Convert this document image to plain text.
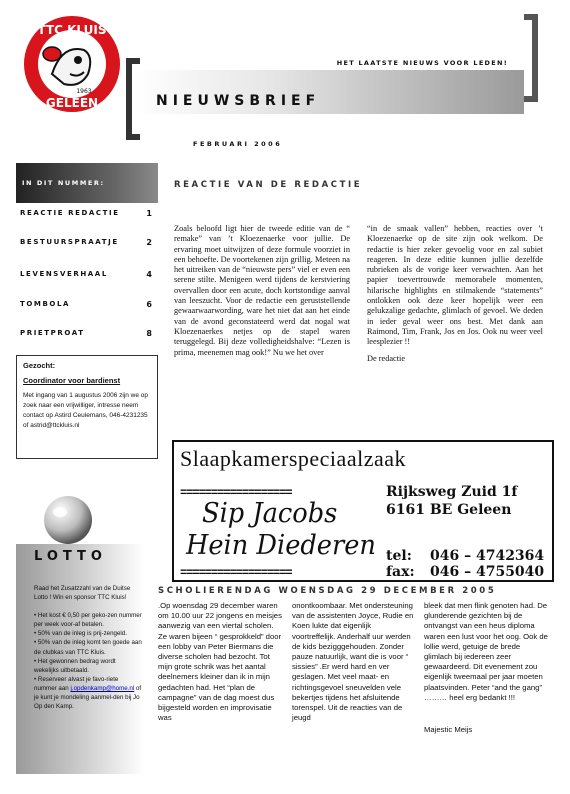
TTC KLUIS
1963
GELEEN
HET LAATSTE NIEUWS VOOR LEDEN!
NIEUWSBRIEF
FEBRUARI 2006
IN DIT NUMMER:
REACTIE REDACTIE	1
BESTUURSPRAATJE	2
LEVENSVERHAAL	4
TOMBOLA	6
PRIETPROAT	8
Gezocht:
Coordinator voor bardienst
Met ingang van 1 augustus 2006 zijn we op zoek naar een vrijwilliger, intresse neem contact op Astird Ceulemans, 046-4231235 of astrid@ttckluis.nl
LOTTO

Raad het Zusatzzahl van de Duitse Lotto ! Win en sponsor TTC Kluis!

• Het kost € 0,50 per geko-zen nummer per week voor-af betalen.
• 50% van de inleg is prij-zengeld.
• 50% van de inleg komt ten goede aan de clubkas van TTC Kluis.
• Het gewonnen bedrag wordt wekelijks uitbetaald.
• Reserveer alvast je favo-riete nummer aan j.opdenkamp@home.nl of je kunt je mondeling aanmel-den bij Jo Op den Kamp.
REACTIE VAN DE REDACTIE

Zoals beloofd ligt hier de tweede editie van de “ remake” van ’t Kloezenaerke voor jullie. De ervaring moet uitwijzen of deze formule voorziet in een behoefte. De voortekenen zijn grillig. Meteen na het uitreiken van de “nieuwste pers” viel er even een serene stilte. Menigeen werd tijdens de kerstviering overvallen door een acute, doch kortstondige aanval van leeszucht. Voor de redactie een geruststellende gewaarwaarwording, ware het niet dat aan het einde van de avond geconstateerd werd dat nogal wat Kloezenaerkes netjes op de stapel waren teruggelegd. Bij deze volledigheidshalve: “Lezen is prima, meenemen mag ook!” Nu we het over

“in de smaak vallen” hebben, reacties over ’t Kloezenaerke op de site zijn ook welkom. De redactie is hier zeker gevoelig voor en zal subiet reageren. In deze editie kunnen jullie dezelfde rubrieken als de vorige keer verwachten. Aan het papier toevertrouwde memorabele momenten, hilarische highlights en stilmakende “statements” ontlokken ook deze keer hopelijk weer een gelukzalige gedachte, glimlach of gevoel. We deden in ieder geval weer ons best. Met dank aan Raimond, Tim, Frank, Jos en Jos. Ook nu weer veel leesplezier !!

De redactie

Slaapkamerspeciaalzaak
==================
Sip Jacobs
Hein Diederen
==================
Rijksweg Zuid 1f
6161 BE Geleen
tel: 046 – 4742364
fax: 046 – 4755040
SCHOLIERENDAG WOENSDAG 29 DECEMBER 2005

.Op woensdag 29 december waren om 10.00 uur 22 jongens en meisjes aanwezig van een viertal scholen. Ze waren bijeen “ gesprokkeld” door een lobby van Peter Biermans die diverse scholen had bezocht. Tot mijn grote schrik was het aantal deelnemers kleiner dan ik in mijn gedachten had. Het “plan de campagne” van de dag moest dus bijgesteld worden en improvisatie was

onontkoombaar. Met ondersteuning van de assistenten Joyce, Rudie en Koen lukte dat eigenlijk voortreffelijk. Anderhalf uur werden de kids bezigggehouden. Zonder pauze natuurlijk, want die is voor “ sissies” .Er werd hard en ver geslagen. Met veel maat- en richtingsgevoel sneuvelden vele bekertjes tijdens het afsluitende torenspel. Uit de reacties van de jeugd

bleek dat men flink genoten had. De glunderende gezichten bij de ontvangst van een heus diploma waren een lust voor het oog. Ook de lollie werd, getuige de brede glimlach bij iedereen zeer gewaardeerd. Dit evenement zou eigenlijk tweemaal per jaar moeten plaatsvinden. Peter “and the gang” ……… heel erg bedankt !!!

Majestic Meijs
